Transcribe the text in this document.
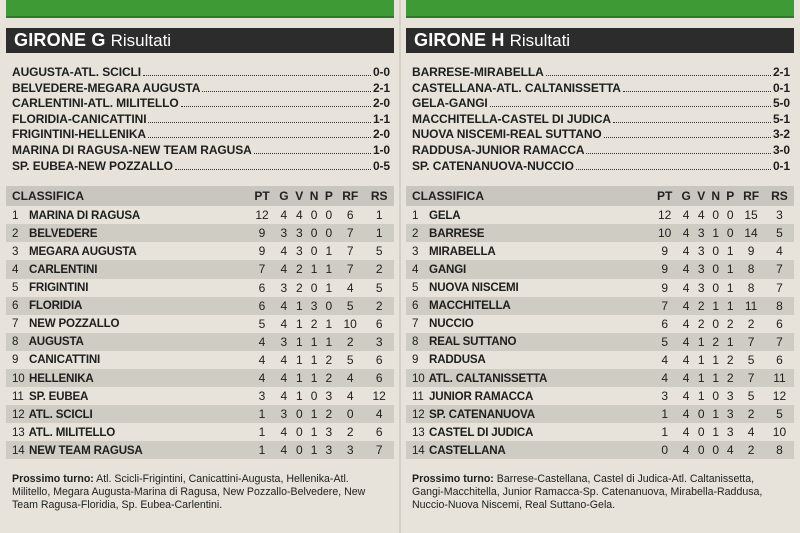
GIRONE G Risultati
AUGUSTA-ATL. SCICLI	0-0
BELVEDERE-MEGARA AUGUSTA	2-1
CARLENTINI-ATL. MILITELLO	2-0
FLORIDIA-CANICATTINI	1-1
FRIGINTINI-HELLENIKA	2-0
MARINA DI RAGUSA-NEW TEAM RAGUSA	1-0
SP. EUBEA-NEW POZZALLO	0-5
CLASSIFICA	PT	G	V	N	P	RF	RS
1 MARINA DI RAGUSA	12	4	4	0	0	6	1
2 BELVEDERE	9	3	3	0	0	7	1
3 MEGARA AUGUSTA	9	4	3	0	1	7	5
4 CARLENTINI	7	4	2	1	1	7	2
5 FRIGINTINI	6	3	2	0	1	4	5
6 FLORIDIA	6	4	1	3	0	5	2
7 NEW POZZALLO	5	4	1	2	1	10	6
8 AUGUSTA	4	3	1	1	1	2	3
9 CANICATTINI	4	4	1	1	2	5	6
10 HELLENIKA	4	4	1	1	2	4	6
11 SP. EUBEA	3	4	1	0	3	4	12
12 ATL. SCICLI	1	3	0	1	2	0	4
13 ATL. MILITELLO	1	4	0	1	3	2	6
14 NEW TEAM RAGUSA	1	4	0	1	3	3	7
Prossimo turno: Atl. Scicli-Frigintini, Canicattini-Augusta, Hellenika-Atl. Militello, Megara Augusta-Marina di Ragusa, New Pozzallo-Belvedere, New Team Ragusa-Floridia, Sp. Eubea-Carlentini.
GIRONE H Risultati
BARRESE-MIRABELLA	2-1
CASTELLANA-ATL. CALTANISSETTA	0-1
GELA-GANGI	5-0
MACCHITELLA-CASTEL DI JUDICA	5-1
NUOVA NISCEMI-REAL SUTTANO	3-2
RADDUSA-JUNIOR RAMACCA	3-0
SP. CATENANUOVA-NUCCIO	0-1
CLASSIFICA	PT	G	V	N	P	RF	RS
1 GELA	12	4	4	0	0	15	3
2 BARRESE	10	4	3	1	0	14	5
3 MIRABELLA	9	4	3	0	1	9	4
4 GANGI	9	4	3	0	1	8	7
5 NUOVA NISCEMI	9	4	3	0	1	8	7
6 MACCHITELLA	7	4	2	1	1	11	8
7 NUCCIO	6	4	2	0	2	2	6
8 REAL SUTTANO	5	4	1	2	1	7	7
9 RADDUSA	4	4	1	1	2	5	6
10 ATL. CALTANISSETTA	4	4	1	1	2	7	11
11 JUNIOR RAMACCA	3	4	1	0	3	5	12
12 SP. CATENANUOVA	1	4	0	1	3	2	5
13 CASTEL DI JUDICA	1	4	0	1	3	4	10
14 CASTELLANA	0	4	0	0	4	2	8
Prossimo turno: Barrese-Castellana, Castel di Judica-Atl. Caltanissetta, Gangi-Macchitella, Junior Ramacca-Sp. Catenanuova, Mirabella-Raddusa, Nuccio-Nuova Niscemi, Real Suttano-Gela.
